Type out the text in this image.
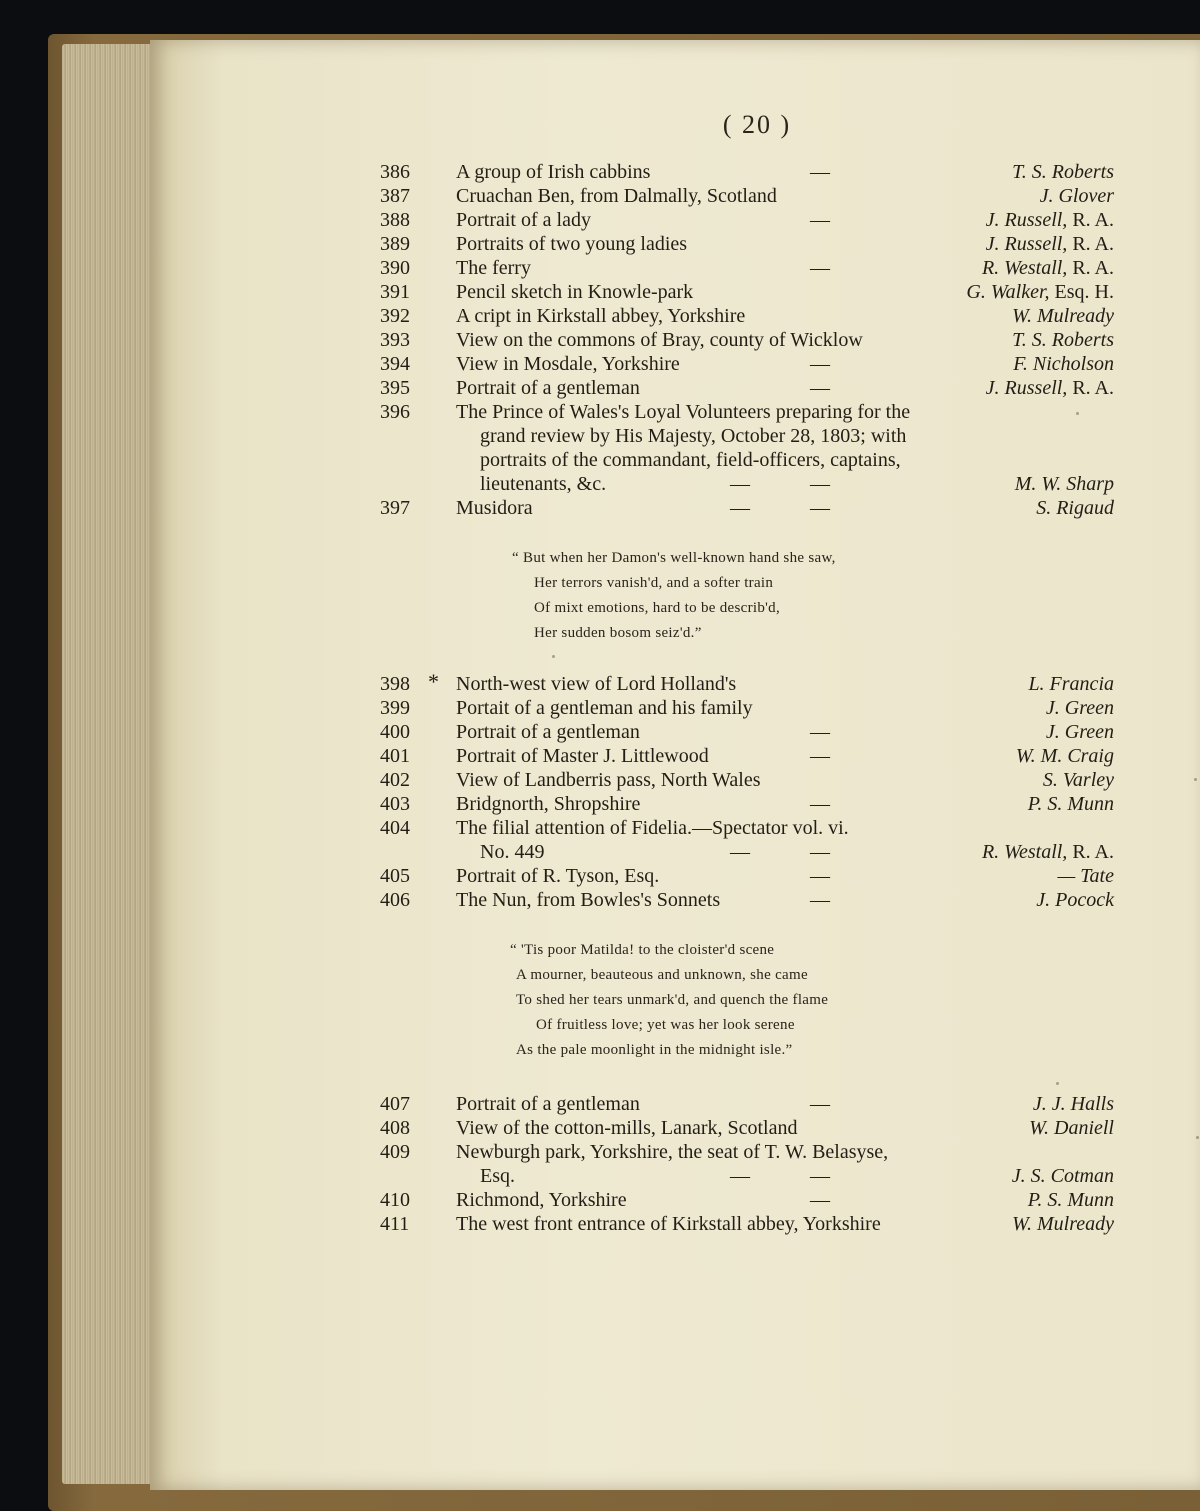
( 20 )
386	A group of Irish cabbins	—	T. S. Roberts
387	Cruachan Ben, from Dalmally, Scotland	J. Glover
388	Portrait of a lady	—	J. Russell, R. A.
389	Portraits of two young ladies	J. Russell, R. A.
390	The ferry	—	R. Westall, R. A.
391	Pencil sketch in Knowle-park	G. Walker, Esq. H.
392	A cript in Kirkstall abbey, Yorkshire	W. Mulready
393	View on the commons of Bray, county of Wicklow	T. S. Roberts
394	View in Mosdale, Yorkshire	—	F. Nicholson
395	Portrait of a gentleman	—	J. Russell, R. A.
396	The Prince of Wales's Loyal Volunteers preparing for the
grand review by His Majesty, October 28, 1803; with
portraits of the commandant, field-officers, captains,
lieutenants, &c.	—	—	M. W. Sharp
397	Musidora	—	—	S. Rigaud
398 * North-west view of Lord Holland's	L. Francia
399	Portait of a gentleman and his family	J. Green
400	Portrait of a gentleman	—	J. Green
401	Portrait of Master J. Littlewood	—	W. M. Craig
402	View of Landberris pass, North Wales	S. Varley
403	Bridgnorth, Shropshire	—	P. S. Munn
404	The filial attention of Fidelia.—Spectator vol. vi.
No. 449	—	—	R. Westall, R. A.
405	Portrait of R. Tyson, Esq.	—	— Tate
406	The Nun, from Bowles's Sonnets	—	J. Pocock
407	Portrait of a gentleman	—	J. J. Halls
408	View of the cotton-mills, Lanark, Scotland	W. Daniell
409	Newburgh park, Yorkshire, the seat of T. W. Belasyse,
Esq.	—	—	J. S. Cotman
410	Richmond, Yorkshire	—	P. S. Munn
411	The west front entrance of Kirkstall abbey, Yorkshire	W. Mulready
“ But when her Damon's well-known hand she saw,
Her terrors vanish'd, and a softer train
Of mixt emotions, hard to be describ'd,
Her sudden bosom seiz'd.”
“ 'Tis poor Matilda! to the cloister'd scene
A mourner, beauteous and unknown, she came
To shed her tears unmark'd, and quench the flame
Of fruitless love; yet was her look serene
As the pale moonlight in the midnight isle.”
